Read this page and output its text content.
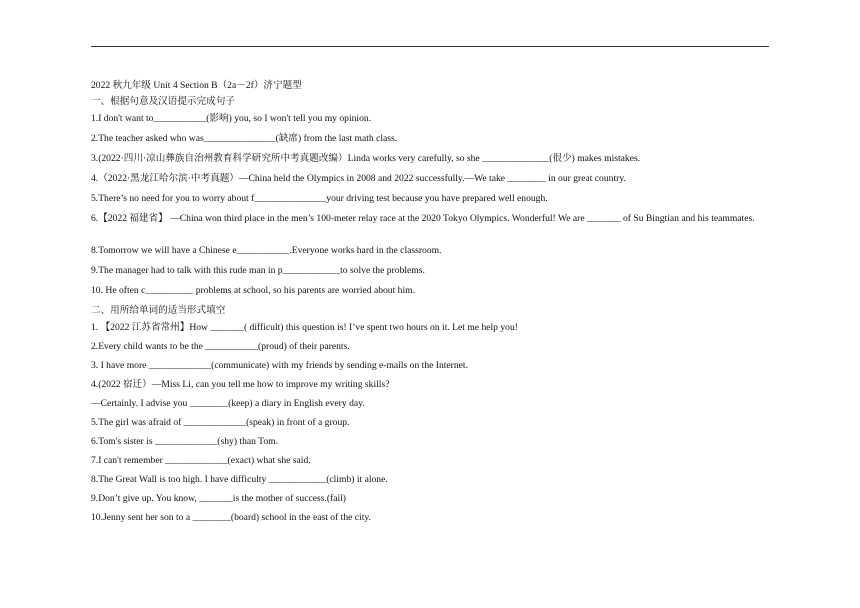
2022 秋九年级 Unit 4 Section B（2a－2f）济宁题型
一、根据句意及汉语提示完成句子
1.I don't want to___________(影响) you, so I won't tell you my opinion.
2.The teacher asked who was_______________(缺席) from the last math class.
3.(2022·四川·凉山彝族自治州教育科学研究所中考真题改编）Linda works very carefully, so she ______________(很少) makes mistakes.
4.（2022·黑龙江哈尔滨·中考真题）—China held the Olympics in 2008 and 2022 successfully.—We take ________ in our great country.
5.There’s no need for you to worry about f_______________your driving test because you have prepared well enough.
6.【2022 福建省】 —China won third place in the men’s 100-meter relay race at the 2020 Tokyo Olympics. Wonderful! We are _______ of Su Bingtian and his teammates.
8.Tomorrow we will have a Chinese e___________.Everyone works hard in the classroom.
9.The manager had to talk with this rude man in p____________to solve the problems.
10. He often c__________ problems at school, so his parents are worried about him.
二、用所给单词的适当形式填空
1. 【2022 江苏省常州】How _______( difficult) this question is! I’ve spent two hours on it. Let me help you!
2.Every child wants to be the ___________(proud) of their parents.
3. I have more _____________(communicate) with my friends by sending e-mails on the Internet.
4.(2022 宿迁）—Miss Li, can you tell me how to improve my writing skills?
—Certainly. I advise you ________(keep) a diary in English every day.
5.The girl was afraid of _____________(speak) in front of a group.
6.Tom's sister is _____________(shy) than Tom.
7.I can't remember _____________(exact) what she said.
8.The Great Wall is too high. I have difficulty ____________(climb) it alone.
9.Don’t give up. You know, _______is the mother of success.(fail)
10.Jenny sent her son to a ________(board) school in the east of the city.
